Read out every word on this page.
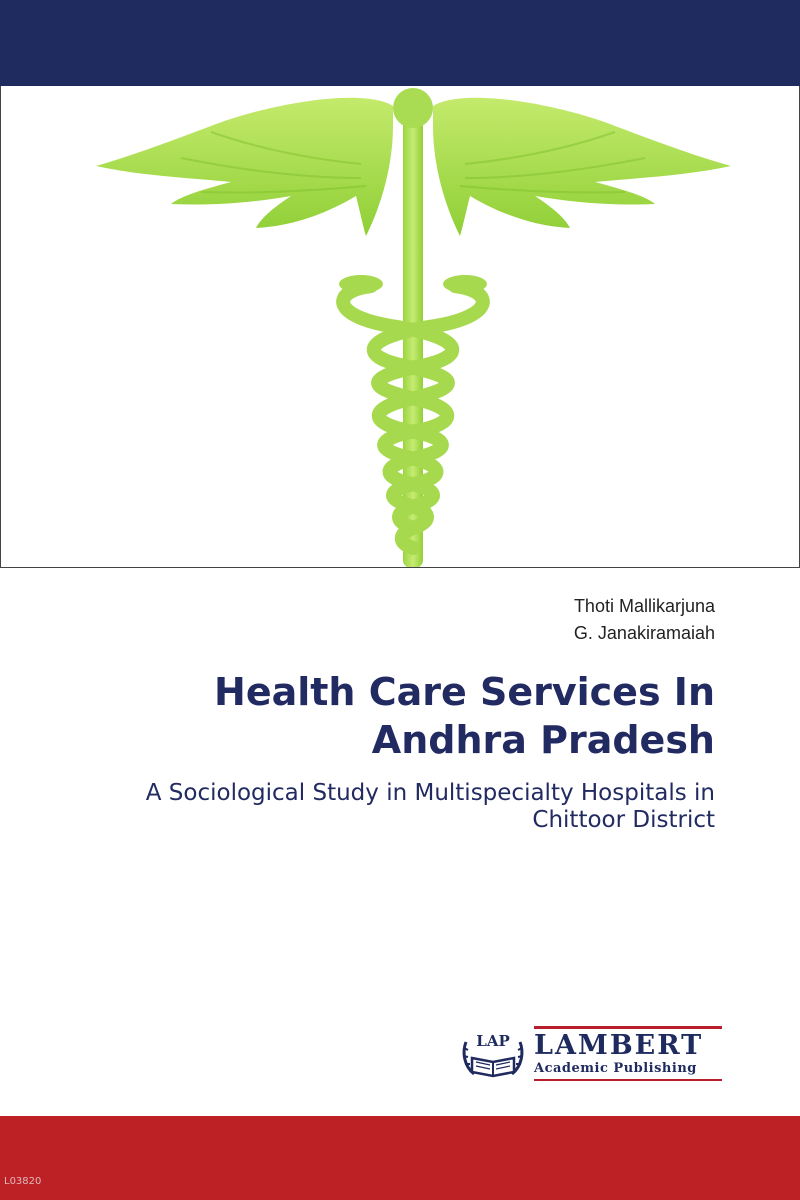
Thoti Mallikarjuna
G. Janakiramaiah
Health Care Services In
Andhra Pradesh
A Sociological Study in Multispecialty Hospitals in
Chittoor District
LAP LAMBERT
Academic Publishing
L03820
